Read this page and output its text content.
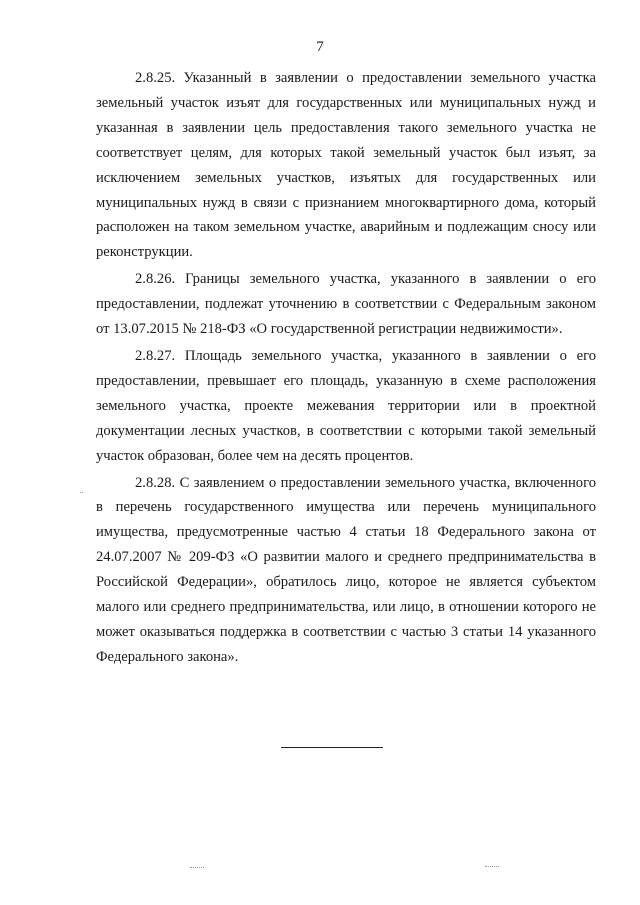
7

2.8.25. Указанный в заявлении о предоставлении земельного участка земельный участок изъят для государственных или муниципальных нужд и указанная в заявлении цель предоставления такого земельного участка не соответствует целям, для которых такой земельный участок был изъят, за исключением земельных участков, изъятых для государственных или муниципальных нужд в связи с признанием многоквартирного дома, который расположен на таком земельном участке, аварийным и подлежащим сносу или реконструкции.

2.8.26. Границы земельного участка, указанного в заявлении о его предоставлении, подлежат уточнению в соответствии с Федеральным законом от 13.07.2015 № 218-ФЗ «О государственной регистрации недвижимости».

2.8.27. Площадь земельного участка, указанного в заявлении о его предоставлении, превышает его площадь, указанную в схеме расположения земельного участка, проекте межевания территории или в проектной документации лесных участков, в соответствии с которыми такой земельный участок образован, более чем на десять процентов.

2.8.28. С заявлением о предоставлении земельного участка, включенного в перечень государственного имущества или перечень муниципального имущества, предусмотренные частью 4 статьи 18 Федерального закона от 24.07.2007 № 209-ФЗ «О развитии малого и среднего предпринимательства в Российской Федерации», обратилось лицо, которое не является субъектом малого или среднего предпринимательства, или лицо, в отношении которого не может оказываться поддержка в соответствии с частью 3 статьи 14 указанного Федерального закона».
